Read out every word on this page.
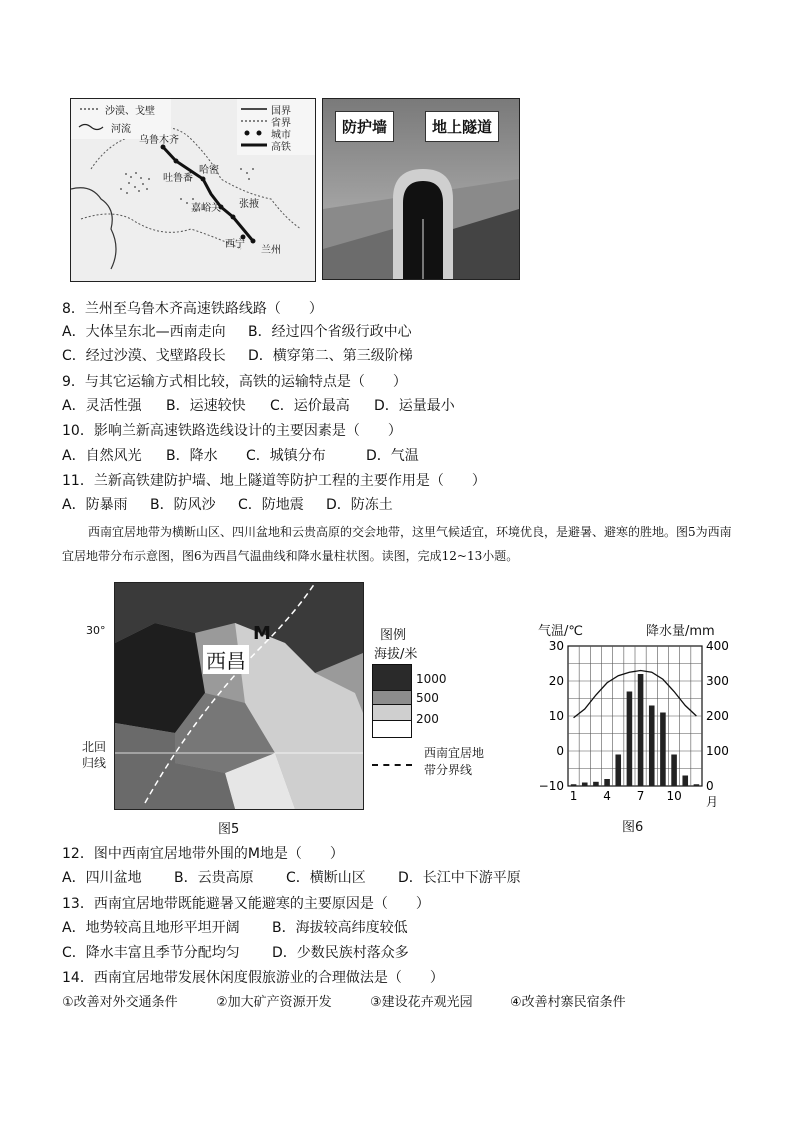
沙漠、戈壁
河流
国界
省界
城市
高铁
乌鲁木齐
哈密
吐鲁番
嘉峪关 张掖
西宁
兰州
防护墙	地上隧道
8．兰州至乌鲁木齐高速铁路线路（　　）
A．大体呈东北—西南走向 B．经过四个省级行政中心
C．经过沙漠、戈壁路段长 D．横穿第二、第三级阶梯
9．与其它运输方式相比较，高铁的运输特点是（　　）
A．灵活性强 B．运速较快 C．运价最高 D．运量最小
10．影响兰新高速铁路选线设计的主要因素是（　　）
A．自然风光 B．降水 C．城镇分布	D．气温
11．兰新高铁建防护墙、地上隧道等防护工程的主要作用是（　　）
A．防暴雨 B．防风沙 C．防地震 D．防冻土
西南宜居地带为横断山区、四川盆地和云贵高原的交会地带，这里气候适宜，环境优良，是避暑、避寒的胜地。图5为西南宜居地带分布示意图，图6为西昌气温曲线和降水量柱状图。读图，完成12~13小题。
西昌
M
30°
北回
归线
图例
海拔/米
1000
500
200
西南宜居地
带分界线
图5
气温/℃	降水量/mm
30
20
10
0
−10
400
300
200
100
0
1 4 7 10 月
图6
12．图中西南宜居地带外围的M地是（　　）
A．四川盆地 B．云贵高原 C．横断山区 D．长江中下游平原
13．西南宜居地带既能避暑又能避寒的主要原因是（　　）
A．地势较高且地形平坦开阔 B．海拔较高纬度较低
C．降水丰富且季节分配均匀 D．少数民族村落众多
14．西南宜居地带发展休闲度假旅游业的合理做法是（　　）
①改善对外交通条件	②加大矿产资源开发	③建设花卉观光园	④改善村寨民宿条件
